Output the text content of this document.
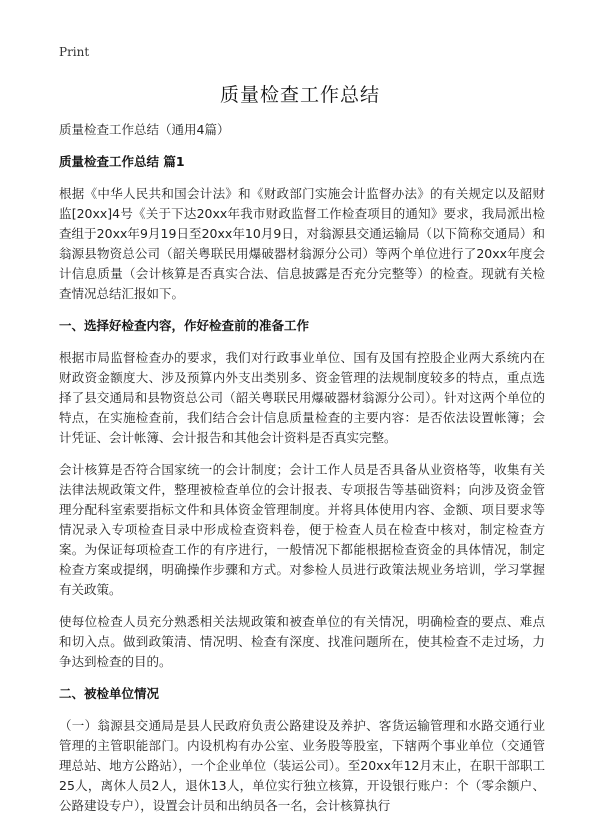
Print
质量检查工作总结

质量检查工作总结（通用4篇）

质量检查工作总结 篇1

根据《中华人民共和国会计法》和《财政部门实施会计监督办法》的有关规定以及韶财监[20xx]4号《关于下达20xx年我市财政监督工作检查项目的通知》要求，我局派出检查组于20xx年9月19日至20xx年10月9日，对翁源县交通运输局（以下简称交通局）和翁源县物资总公司（韶关粤联民用爆破器材翁源分公司）等两个单位进行了20xx年度会计信息质量（会计核算是否真实合法、信息披露是否充分完整等）的检查。现就有关检查情况总结汇报如下。

一、选择好检查内容，作好检查前的准备工作

根据市局监督检查办的要求，我们对行政事业单位、国有及国有控股企业两大系统内在财政资金额度大、涉及预算内外支出类别多、资金管理的法规制度较多的特点，重点选择了县交通局和县物资总公司（韶关粤联民用爆破器材翁源分公司）。针对这两个单位的特点，在实施检查前，我们结合会计信息质量检查的主要内容：是否依法设置帐簿；会计凭证、会计帐簿、会计报告和其他会计资料是否真实完整。

会计核算是否符合国家统一的会计制度；会计工作人员是否具备从业资格等，收集有关法律法规政策文件，整理被检查单位的会计报表、专项报告等基础资料；向涉及资金管理分配科室索要指标文件和具体资金管理制度。并将具体使用内容、金额、项目要求等情况录入专项检查目录中形成检查资料卷，便于检查人员在检查中核对，制定检查方案。为保证每项检查工作的有序进行，一般情况下都能根据检查资金的具体情况，制定检查方案或提纲，明确操作步骤和方式。对参检人员进行政策法规业务培训，学习掌握有关政策。

使每位检查人员充分熟悉相关法规政策和被查单位的有关情况，明确检查的要点、难点和切入点。做到政策清、情况明、检查有深度、找准问题所在，使其检查不走过场，力争达到检查的目的。

二、被检单位情况

（一）翁源县交通局是县人民政府负责公路建设及养护、客货运输管理和水路交通行业管理的主管职能部门。内设机构有办公室、业务股等股室，下辖两个事业单位（交通管理总站、地方公路站），一个企业单位（装运公司）。至20xx年12月末止，在职干部职工25人，离休人员2人，退休13人，单位实行独立核算，开设银行账户：个（零余额户、公路建设专户），设置会计员和出纳员各一名，会计核算执行
